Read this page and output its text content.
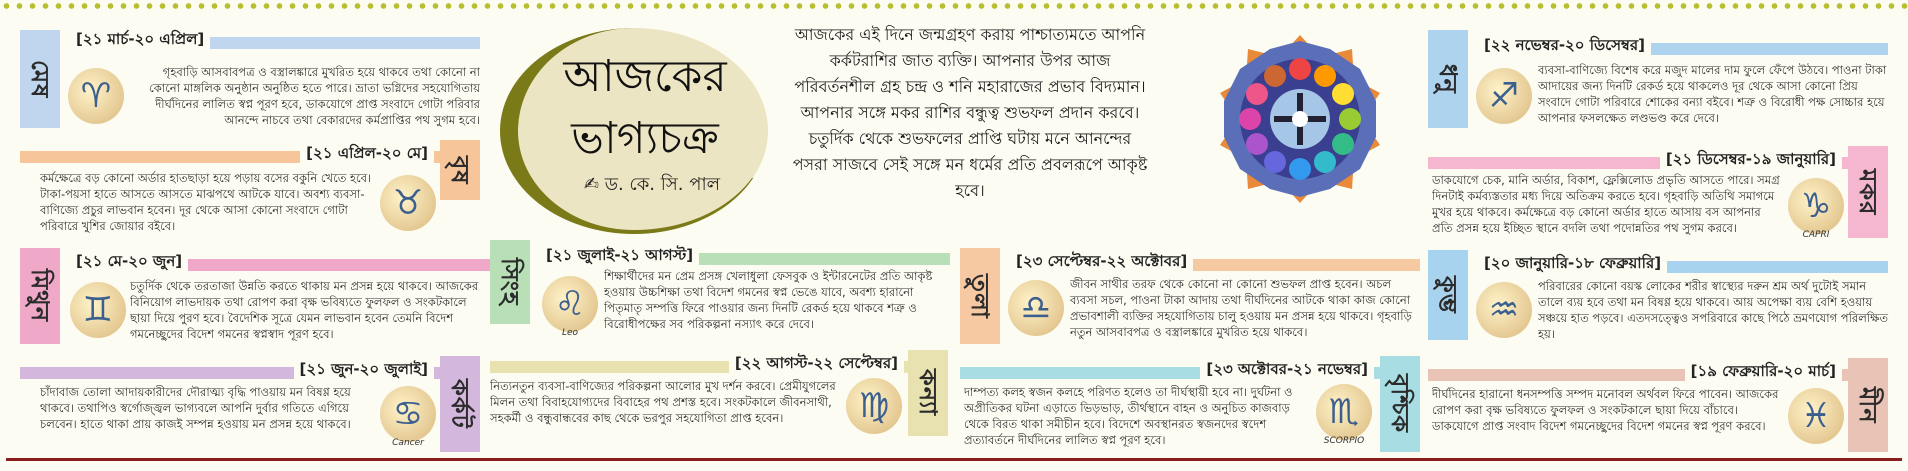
মেষ
[২১ মার্চ-২০ এপ্রিল]
♈
গৃহবাড়ি আসবাবপত্র ও বস্ত্রালঙ্কারে মুখরিত হয়ে থাকবে তথা কোনো না কোনো মাঙ্গলিক অনুষ্ঠান অনুষ্ঠিত হতে পারে। ভ্রাতা ভগ্নিদের সহযোগিতায় দীর্ঘদিনের লালিত স্বপ্ন পূরণ হবে, ডাকযোগে প্রাপ্ত সংবাদে গোটা পরিবার আনন্দে নাচবে তথা বেকারদের কর্মপ্রাপ্তির পথ সুগম হবে।
[২১ এপ্রিল-২০ মে]
বৃষ
কর্মক্ষেত্রে বড় কোনো অর্ডার হাতছাড়া হয়ে পড়ায় বসের বকুনি খেতে হবে। টাকা-পয়সা হাতে আসতে আসতে মাঝপথে আটকে যাবে। অবশ্য ব্যবসা-বাণিজ্যে প্রচুর লাভবান হবেন। দূর থেকে আসা কোনো সংবাদে গোটা পরিবারে খুশির জোয়ার বইবে।
♉
মিথুন
[২১ মে-২০ জুন]
♊
চতুর্দিক থেকে তরতাজা উন্নতি করতে থাকায় মন প্রসন্ন হয়ে থাকবে। আজকের বিনিয়োগ লাভদায়ক তথা রোপণ করা বৃক্ষ ভবিষ্যতে ফুলফল ও সংকটকালে ছায়া দিয়ে পুরণ হবে। বৈদেশিক সূত্রে যেমন লাভবান হবেন তেমনি বিদেশ গমনেচ্ছুদের বিদেশ গমনের স্বপ্নস্বাদ পূরণ হবে।
[২১ জুন-২০ জুলাই]
কর্কট
চাঁদাবাজ তোলা আদায়কারীদের দৌরাত্ম্য বৃদ্ধি পাওয়ায় মন বিষণ্ণ হয়ে থাকবে। তথাপিও স্বর্গোজ্জ্বল ভাগ্যবলে আপনি দুর্বার গতিতে এগিয়ে চলবেন। হাতে থাকা প্রায় কাজই সম্পন্ন হওয়ায় মন প্রসন্ন হয়ে থাকবে।	♋
Cancer
আজকের
ভাগ্যচক্র
✍ ড. কে. সি. পাল
আজকের এই দিনে জন্মগ্রহণ করায় পাশ্চাত্যমতে আপনি কর্কটরাশির জাত ব্যক্তি। আপনার উপর আজ পরিবর্তনশীল গ্রহ চন্দ্র ও শনি মহারাজের প্রভাব বিদ্যমান। আপনার সঙ্গে মকর রাশির বন্ধুত্ব শুভফল প্রদান করবে। চতুর্দিক থেকে শুভফলের প্রাপ্তি ঘটায় মনে আনন্দের পসরা সাজবে সেই সঙ্গে মন ধর্মের প্রতি প্রবলরূপে আকৃষ্ট হবে।
সিংহ
[২১ জুলাই-২১ আগস্ট]
♌
Leo
শিক্ষার্থীদের মন প্রেম প্রসঙ্গ খেলাধুলা ফেসবুক ও ইন্টারনেটের প্রতি আকৃষ্ট হওয়ায় উচ্চশিক্ষা তথা বিদেশ গমনের স্বপ্ন ভেঙে যাবে, অবশ্য হারানো পিতৃমাতৃ সম্পত্তি ফিরে পাওয়ার জন্য দিনটি রেকর্ড হয়ে থাকবে শত্রু ও বিরোধীপক্ষের সব পরিকল্পনা নস্যাৎ করে দেবে।
[২২ আগস্ট-২২ সেপ্টেম্বর]
কন্যা
নিত্যনতুন ব্যবসা-বাণিজ্যের পরিকল্পনা আলোর মুখ দর্শন করবে। প্রেমীযুগলের মিলন তথা বিবাহযোগ্যদের বিবাহের পথ প্রশস্ত হবে। সংকটকালে জীবনসাথী, সহকর্মী ও বন্ধুবান্ধবের কাছ থেকে ভরপুর সহযোগিতা প্রাপ্ত হবেন।	♍
তুলা
[২৩ সেপ্টেম্বর-২২ অক্টোবর]
♎
জীবন সাথীর তরফ থেকে কোনো না কোনো শুভফল প্রাপ্ত হবেন। অচল ব্যবসা সচল, পাওনা টাকা আদায় তথা দীর্ঘদিনের আটকে থাকা কাজ কোনো প্রভাবশালী ব্যক্তির সহযোগিতায় চালু হওয়ায় মন প্রসন্ন হয়ে থাকবে। গৃহবাড়ি নতুন আসবাবপত্র ও বস্ত্রালঙ্কারে মুখরিত হয়ে থাকবে।
[২৩ অক্টোবর-২১ নভেম্বর]
বৃশ্চিক
দাম্পত্য কলহ স্বজন কলহে পরিণত হলেও তা দীর্ঘস্থায়ী হবে না। দুর্ঘটনা ও অপ্রীতিকর ঘটনা এড়াতে ভিড়ভাড়, তীর্থস্থানে বাহন ও অনুচিত কাজবাড় থেকে বিরত থাকা সমীচীন হবে। বিদেশে অবস্থানরত স্বজনদের স্বদেশ প্রত্যাবর্তনে দীর্ঘদিনের লালিত স্বপ্ন পূরণ হবে।
♏
SCORPIO
ধনু
[২২ নভেম্বর-২০ ডিসেম্বর]
♐
ব্যবসা-বাণিজ্যে বিশেষ করে মজুদ মালের দাম ফুলে ফেঁপে উঠবে। পাওনা টাকা আদায়ের জন্য দিনটি রেকর্ড হয়ে থাকলেও দূর থেকে আসা কোনো প্রিয় সংবাদে গোটা পরিবারে শোকের বন্যা বইবে। শত্রু ও বিরোধী পক্ষ সোচ্চার হয়ে আপনার ফসলক্ষেত লণ্ডভণ্ড করে দেবে।
[২১ ডিসেম্বর-১৯ জানুয়ারি]
মকর
ডাকযোগে চেক, মানি অর্ডার, বিকাশ, ফ্লেক্সিলোড প্রভৃতি আসতে পারে। সমগ্র দিনটাই কর্মব্যস্ততার মধ্য দিয়ে অতিক্রম করতে হবে। গৃহবাড়ি অতিথি সমাগমে মুখর হয়ে থাকবে। কর্মক্ষেত্রে বড় কোনো অর্ডার হাতে আসায় বস আপনার প্রতি প্রসন্ন হয়ে ইচ্ছিত স্থানে বদলি তথা পদোন্নতির পথ সুগম করবে।
♑
CAPRI
কুম্ভ
[২০ জানুয়ারি-১৮ ফেব্রুয়ারি]
♒
পরিবারের কোনো বয়স্ক লোকের শরীর স্বাস্থ্যের দরুন শ্রম অর্থ দুটোই সমান তালে ব্যয় হবে তথা মন বিষণ্ণ হয়ে থাকবে। আয় অপেক্ষা ব্যয় বেশি হওয়ায় সঞ্চয়ে হাত পড়বে। এতদসত্ত্বেও সপরিবারে কাছে পিঠে ভ্রমণযোগ পরিলক্ষিত হয়।
[১৯ ফেব্রুয়ারি-২০ মার্চ]
মীন
দীর্ঘদিনের হারানো ধনসম্পত্তি সম্পদ মনোবল অর্থবল ফিরে পাবেন। আজকের রোপণ করা বৃক্ষ ভবিষ্যতে ফুলফল ও সংকটকালে ছায়া দিয়ে বাঁচাবে। ডাকযোগে প্রাপ্ত সংবাদ বিদেশ গমনেচ্ছুদের বিদেশ গমনের স্বপ্ন পূরণ করবে।	♓
